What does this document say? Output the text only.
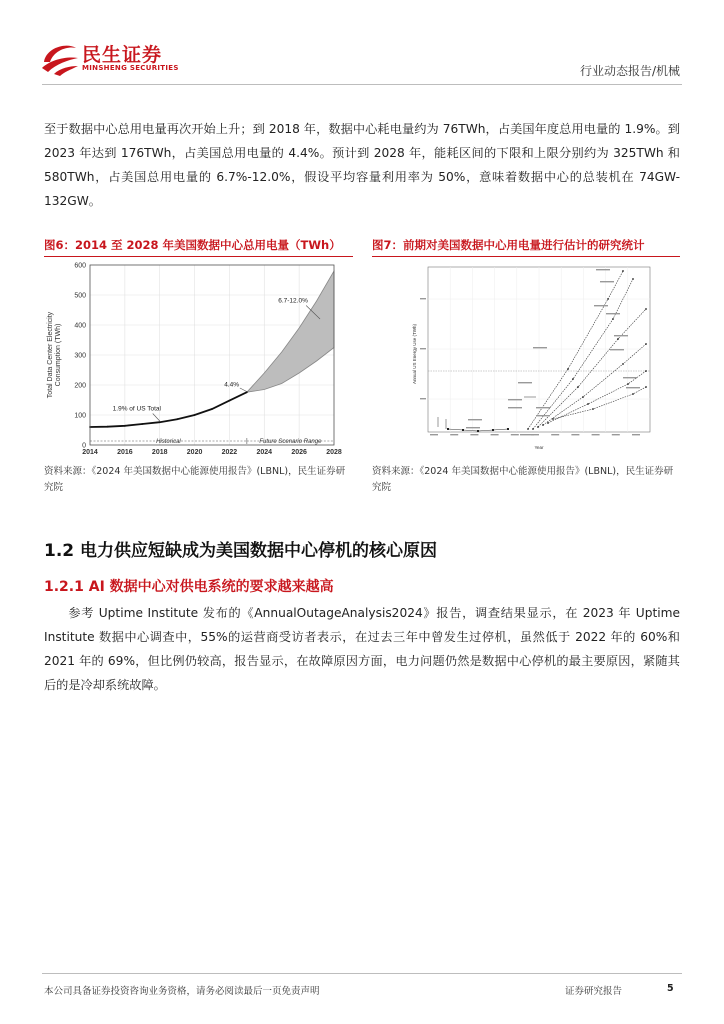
民生证券
MINSHENG SECURITIES	行业动态报告/机械
至于数据中心总用电量再次开始上升；到 2018 年，数据中心耗电量约为 76TWh，占美国年度总用电量的 1.9%。到 2023 年达到 176TWh，占美国总用电量的 4.4%。预计到 2028 年，能耗区间的下限和上限分别约为 325TWh 和 580TWh，占美国总用电量的 6.7%-12.0%，假设平均容量利用率为 50%，意味着数据中心的总装机在 74GW-132GW。
图6：2014 至 2028 年美国数据中心总用电量（TWh）	图7：前期对美国数据中心用电量进行估计的研究统计
2014	2016	2018	2020	2022	2024	2026	2028
0
100
200
300
400
500
600
Total Data Center Electricity Consumption (TWh)
1.9% of US Total
4.4%
6.7-12.0%
Historical	Future Scenario Range
Annual US Energy Use (TWh)
Year
资料来源：《2024 年美国数据中心能源使用报告》(LBNL)，民生证券研究院
资料来源：《2024 年美国数据中心能源使用报告》(LBNL)，民生证券研究院
1.2 电力供应短缺成为美国数据中心停机的核心原因
1.2.1 AI 数据中心对供电系统的要求越来越高
参考 Uptime Institute 发布的《AnnualOutageAnalysis2024》报告，调查结果显示，在 2023 年 Uptime Institute 数据中心调查中，55%的运营商受访者表示，在过去三年中曾发生过停机，虽然低于 2022 年的 60%和 2021 年的 69%，但比例仍较高，报告显示，在故障原因方面，电力问题仍然是数据中心停机的最主要原因，紧随其后的是冷却系统故障。
本公司具备证券投资咨询业务资格，请务必阅读最后一页免责声明	证券研究报告	5
